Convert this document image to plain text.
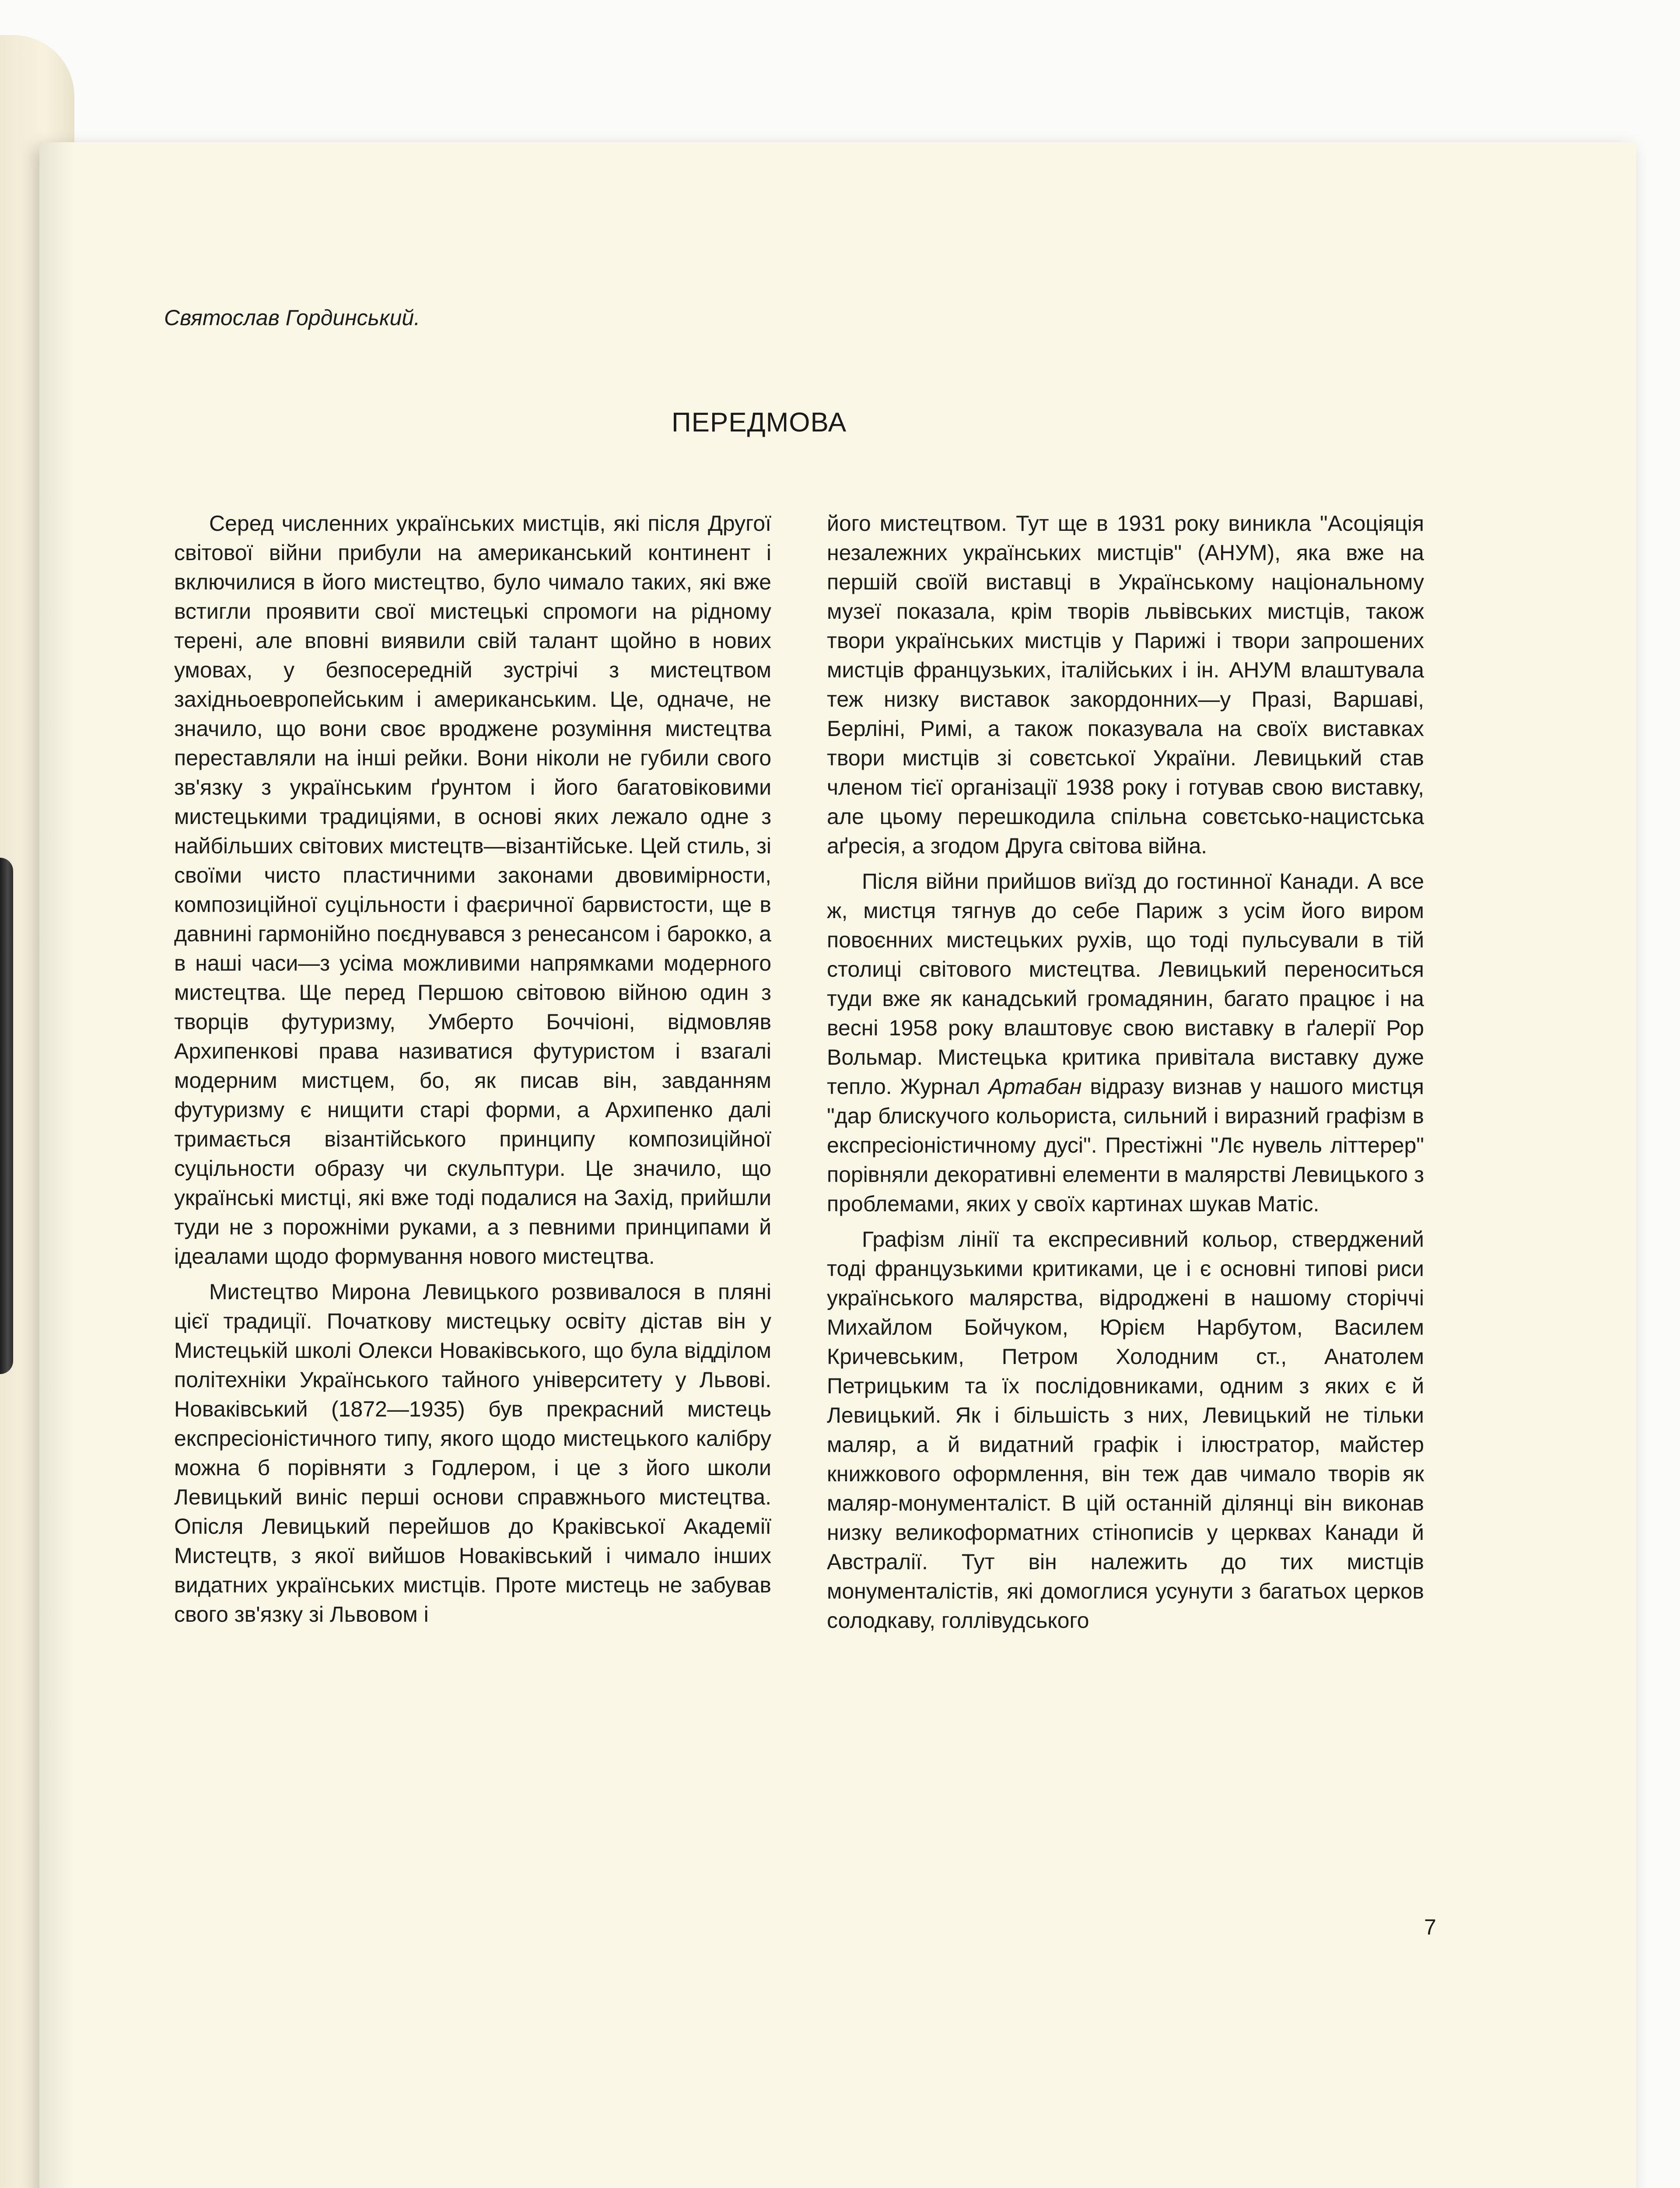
Святослав Гординський.
ПЕРЕДМОВА

Серед численних українських мистців, які після Другої світової війни прибули на американський континент і включилися в його мистецтво, було чимало таких, які вже встигли проявити свої мистецькі спромоги на рідному терені, але вповні виявили свій талант щойно в нових умовах, у безпосередній зустрічі з мистецтвом західньоевропейським і американським. Це, одначе, не значило, що вони своє вроджене розуміння мистецтва переставляли на інші рейки. Вони ніколи не губили свого зв'язку з українським ґрунтом і його багатовіковими мистецькими традиціями, в основі яких лежало одне з найбільших світових мистецтв—візантійське. Цей стиль, зі своїми чисто пластичними законами двовимірности, композиційної суцільности і фаєричної барвистости, ще в давнині гармонійно поєднувався з ренесансом і барокко, а в наші часи—з усіма можливими напрямками модерного мистецтва. Ще перед Першою світовою війною один з творців футуризму, Умберто Боччіоні, відмовляв Архипенкові права називатися футуристом і взагалі модерним мистцем, бо, як писав він, завданням футуризму є нищити старі форми, а Архипенко далі тримається візантійського принципу композиційної суцільности образу чи скульптури. Це значило, що українські мистці, які вже тоді подалися на Захід, прийшли туди не з порожніми руками, а з певними принципами й ідеалами щодо формування нового мистецтва.

Мистецтво Мирона Левицького розвивалося в пляні цієї традиції. Початкову мистецьку освіту дістав він у Мистецькій школі Олекси Новаківського, що була відділом політехніки Українського тайного університету у Львові. Новаківський (1872—1935) був прекрасний мистець експресіоністичного типу, якого щодо мистецького калібру можна б порівняти з Годлером, і це з його школи Левицький виніс перші основи справжнього мистецтва. Опісля Левицький перейшов до Краківської Академії Мистецтв, з якої вийшов Новаківський і чимало інших видатних українських мистців. Проте мистець не забував свого зв'язку зі Львовом і

його мистецтвом. Тут ще в 1931 року виникла "Асоціяція незалежних українських мистців" (АНУМ), яка вже на першій своїй виставці в Українському національному музеї показала, крім творів львівських мистців, також твори українських мистців у Парижі і твори запрошених мистців французьких, італійських і ін. АНУМ влаштувала теж низку виставок закордонних—у Празі, Варшаві, Берліні, Римі, а також показувала на своїх виставках твори мистців зі совєтської України. Левицький став членом тієї організації 1938 року і готував свою виставку, але цьому перешкодила спільна совєтсько-нацистська аґресія, а згодом Друга світова війна.

Після війни прийшов виїзд до гостинної Канади. А все ж, мистця тягнув до себе Париж з усім його виром повоєнних мистецьких рухів, що тоді пульсували в тій столиці світового мистецтва. Левицький переноситься туди вже як канадський громадянин, багато працює і на весні 1958 року влаштовує свою виставку в ґалерії Рор Вольмар. Мистецька критика привітала виставку дуже тепло. Журнал Артабан відразу визнав у нашого мистця "дар блискучого кольориста, сильний і виразний графізм в експресіоністичному дусі". Престіжні "Лє нувель літтерер" порівняли декоративні елементи в малярстві Левицького з проблемами, яких у своїх картинах шукав Матіс.

Графізм лінії та експресивний кольор, стверджений тоді французькими критиками, це і є основні типові риси українського малярства, відроджені в нашому сторіччі Михайлом Бойчуком, Юрієм Нарбутом, Василем Кричевським, Петром Холодним ст., Анатолем Петрицьким та їх послідовниками, одним з яких є й Левицький. Як і більшість з них, Левицький не тільки маляр, а й видатний графік і ілюстратор, майстер книжкового оформлення, він теж дав чимало творів як маляр-монументаліст. В цій останній ділянці він виконав низку великоформатних стінописів у церквах Канади й Австралії. Тут він належить до тих мистців монументалістів, які домоглися усунути з багатьох церков солодкаву, голлівудського

7
